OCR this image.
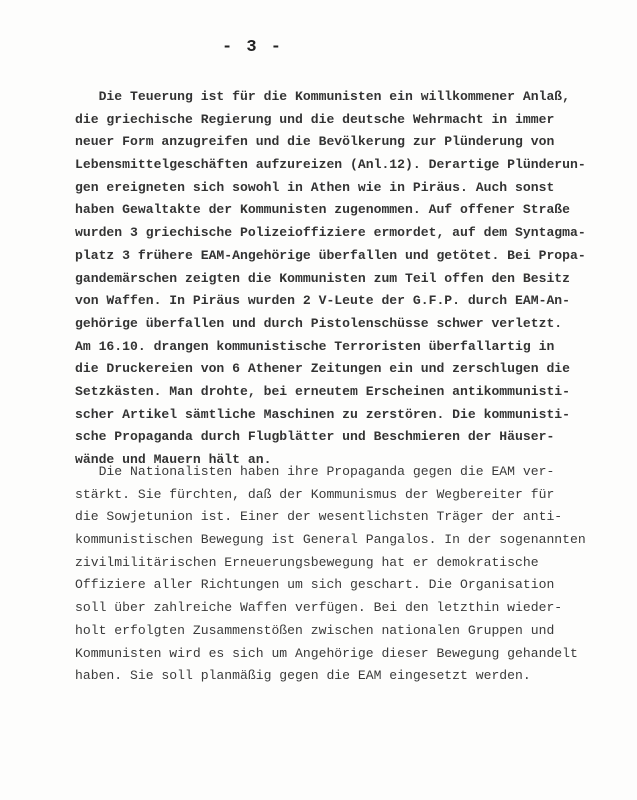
- 3 -
Die Teuerung ist für die Kommunisten ein willkommener Anlaß,
die griechische Regierung und die deutsche Wehrmacht in immer
neuer Form anzugreifen und die Bevölkerung zur Plünderung von
Lebensmittelgeschäften aufzureizen (Anl.12). Derartige Plünderun-
gen ereigneten sich sowohl in Athen wie in Piräus. Auch sonst
haben Gewaltakte der Kommunisten zugenommen. Auf offener Straße
wurden 3 griechische Polizeioffiziere ermordet, auf dem Syntagma-
platz 3 frühere EAM-Angehörige überfallen und getötet. Bei Propa-
gandemärschen zeigten die Kommunisten zum Teil offen den Besitz
von Waffen. In Piräus wurden 2 V-Leute der G.F.P. durch EAM-An-
gehörige überfallen und durch Pistolenschüsse schwer verletzt.
Am 16.10. drangen kommunistische Terroristen überfallartig in
die Druckereien von 6 Athener Zeitungen ein und zerschlugen die
Setzkästen. Man drohte, bei erneutem Erscheinen antikommunisti-
scher Artikel sämtliche Maschinen zu zerstören. Die kommunisti-
sche Propaganda durch Flugblätter und Beschmieren der Häuser-
wände und Mauern hält an.
Die Nationalisten haben ihre Propaganda gegen die EAM ver-
stärkt. Sie fürchten, daß der Kommunismus der Wegbereiter für
die Sowjetunion ist. Einer der wesentlichsten Träger der anti-
kommunistischen Bewegung ist General Pangalos. In der sogenannten
zivilmilitärischen Erneuerungsbewegung hat er demokratische
Offiziere aller Richtungen um sich geschart. Die Organisation
soll über zahlreiche Waffen verfügen. Bei den letzthin wieder-
holt erfolgten Zusammenstößen zwischen nationalen Gruppen und
Kommunisten wird es sich um Angehörige dieser Bewegung gehandelt
haben. Sie soll planmäßig gegen die EAM eingesetzt werden.
